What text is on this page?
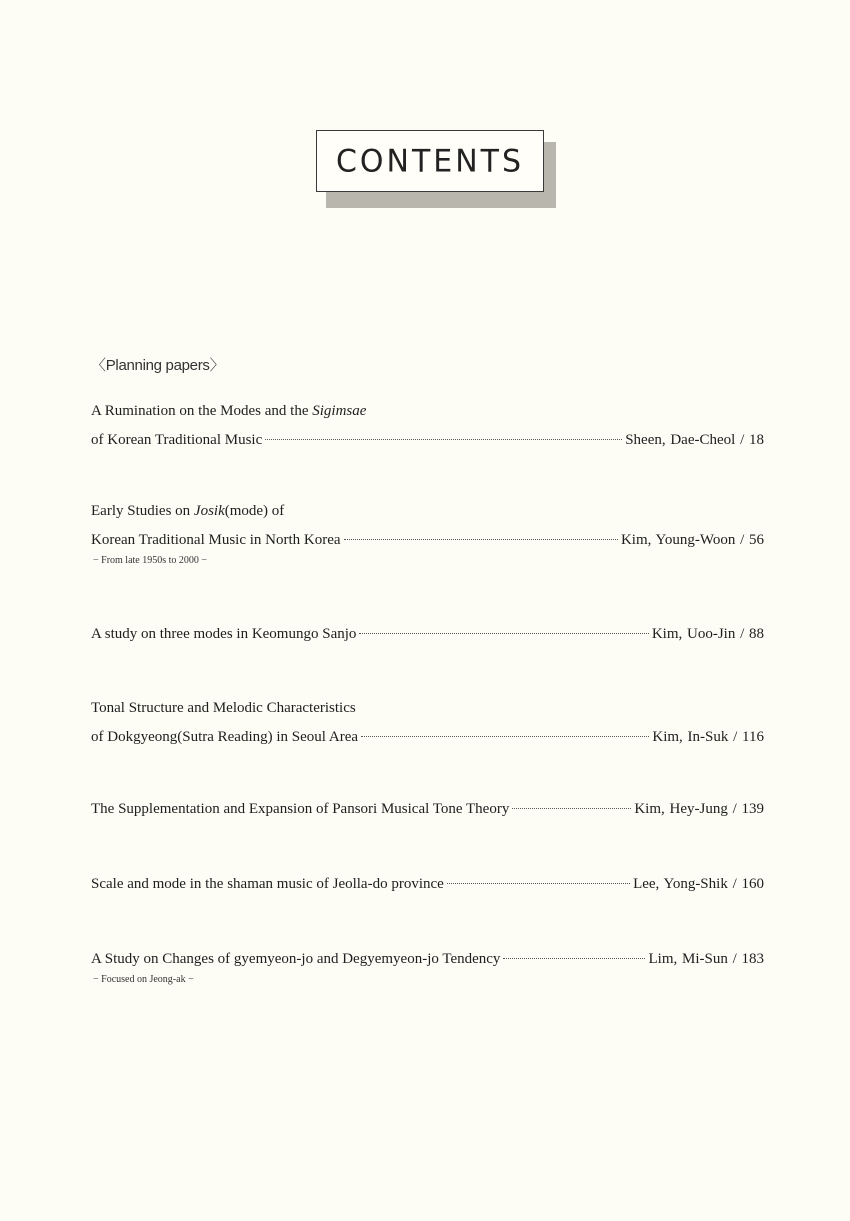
CONTENTS
〈Planning papers〉
A Rumination on the Modes and the Sigimsae
of Korean Traditional Music	Sheen, Dae-Cheol / 18
Early Studies on Josik(mode) of
Korean Traditional Music in North Korea	Kim, Young-Woon / 56
− From late 1950s to 2000 −
A study on three modes in Keomungo Sanjo	Kim, Uoo-Jin / 88
Tonal Structure and Melodic Characteristics
of Dokgyeong(Sutra Reading) in Seoul Area	Kim, In-Suk / 116
The Supplementation and Expansion of Pansori Musical Tone Theory	Kim, Hey-Jung / 139
Scale and mode in the shaman music of Jeolla-do province	Lee, Yong-Shik / 160
A Study on Changes of gyemyeon-jo and Degyemyeon-jo Tendency	Lim, Mi-Sun / 183
− Focused on Jeong-ak −
